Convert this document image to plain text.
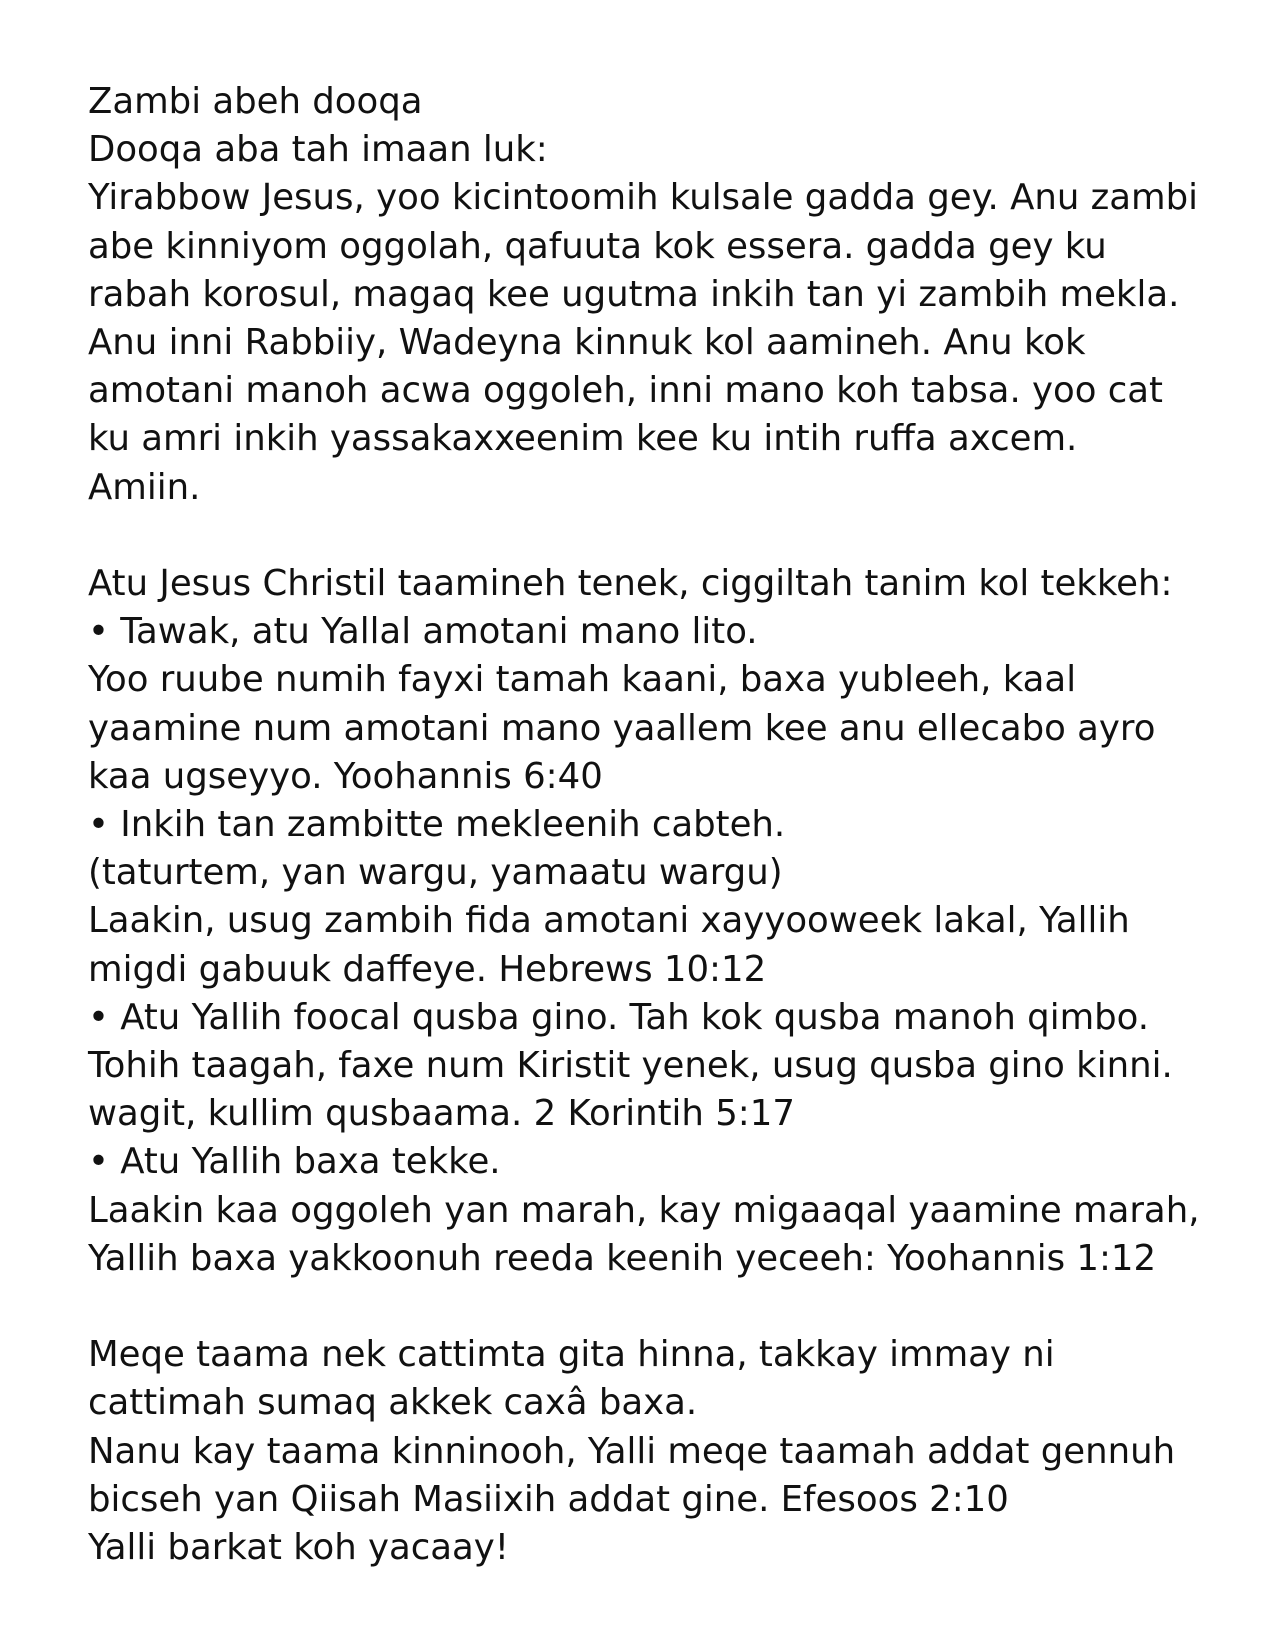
Zambi abeh dooqa
Dooqa aba tah imaan luk:
Yirabbow Jesus, yoo kicintoomih kulsale gadda gey. Anu zambi
abe kinniyom oggolah, qafuuta kok essera. gadda gey ku
rabah korosul, magaq kee ugutma inkih tan yi zambih mekla.
Anu inni Rabbiiy, Wadeyna kinnuk kol aamineh. Anu kok
amotani manoh acwa oggoleh, inni mano koh tabsa. yoo cat
ku amri inkih yassakaxxeenim kee ku intih ruffa axcem.
Amiin.
Atu Jesus Christil taamineh tenek, ciggiltah tanim kol tekkeh:
• Tawak, atu Yallal amotani mano lito.
Yoo ruube numih fayxi tamah kaani, baxa yubleeh, kaal
yaamine num amotani mano yaallem kee anu ellecabo ayro
kaa ugseyyo. Yoohannis 6:40
• Inkih tan zambitte mekleenih cabteh.
(taturtem, yan wargu, yamaatu wargu)
Laakin, usug zambih fida amotani xayyooweek lakal, Yallih
migdi gabuuk daffeye. Hebrews 10:12
• Atu Yallih foocal qusba gino. Tah kok qusba manoh qimbo.
Tohih taagah, faxe num Kiristit yenek, usug qusba gino kinni.
wagit, kullim qusbaama. 2 Korintih 5:17
• Atu Yallih baxa tekke.
Laakin kaa oggoleh yan marah, kay migaaqal yaamine marah,
Yallih baxa yakkoonuh reeda keenih yeceeh: Yoohannis 1:12
Meqe taama nek cattimta gita hinna, takkay immay ni
cattimah sumaq akkek caxâ baxa.
Nanu kay taama kinninooh, Yalli meqe taamah addat gennuh
bicseh yan Qiisah Masiixih addat gine. Efesoos 2:10
Yalli barkat koh yacaay!
